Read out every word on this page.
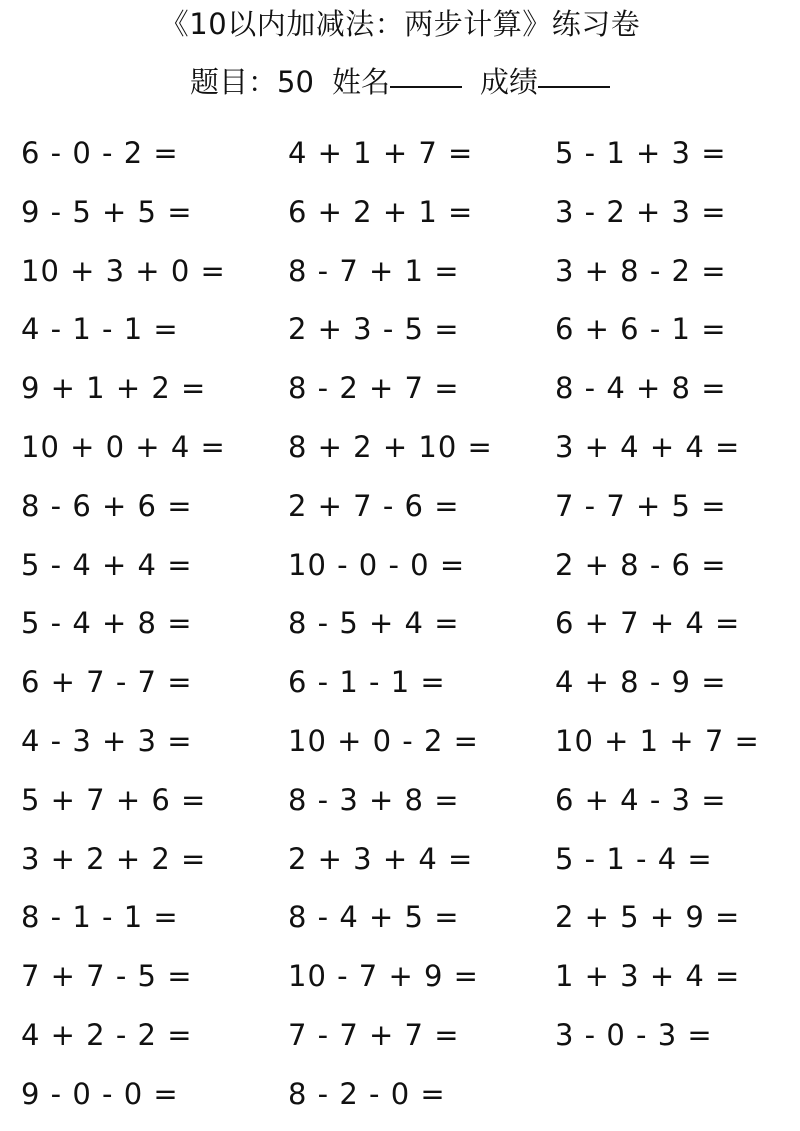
《10以内加减法：两步计算》练习卷
题目：50 姓名	成绩
6 - 0 - 2 =	4 + 1 + 7 =	5 - 1 + 3 =
9 - 5 + 5 =	6 + 2 + 1 =	3 - 2 + 3 =
10 + 3 + 0 =	8 - 7 + 1 =	3 + 8 - 2 =
4 - 1 - 1 =	2 + 3 - 5 =	6 + 6 - 1 =
9 + 1 + 2 =	8 - 2 + 7 =	8 - 4 + 8 =
10 + 0 + 4 =	8 + 2 + 10 =	3 + 4 + 4 =
8 - 6 + 6 =	2 + 7 - 6 =	7 - 7 + 5 =
5 - 4 + 4 =	10 - 0 - 0 =	2 + 8 - 6 =
5 - 4 + 8 =	8 - 5 + 4 =	6 + 7 + 4 =
6 + 7 - 7 =	6 - 1 - 1 =	4 + 8 - 9 =
4 - 3 + 3 =	10 + 0 - 2 =	10 + 1 + 7 =
5 + 7 + 6 =	8 - 3 + 8 =	6 + 4 - 3 =
3 + 2 + 2 =	2 + 3 + 4 =	5 - 1 - 4 =
8 - 1 - 1 =	8 - 4 + 5 =	2 + 5 + 9 =
7 + 7 - 5 =	10 - 7 + 9 =	1 + 3 + 4 =
4 + 2 - 2 =	7 - 7 + 7 =	3 - 0 - 3 =
9 - 0 - 0 =	8 - 2 - 0 =
